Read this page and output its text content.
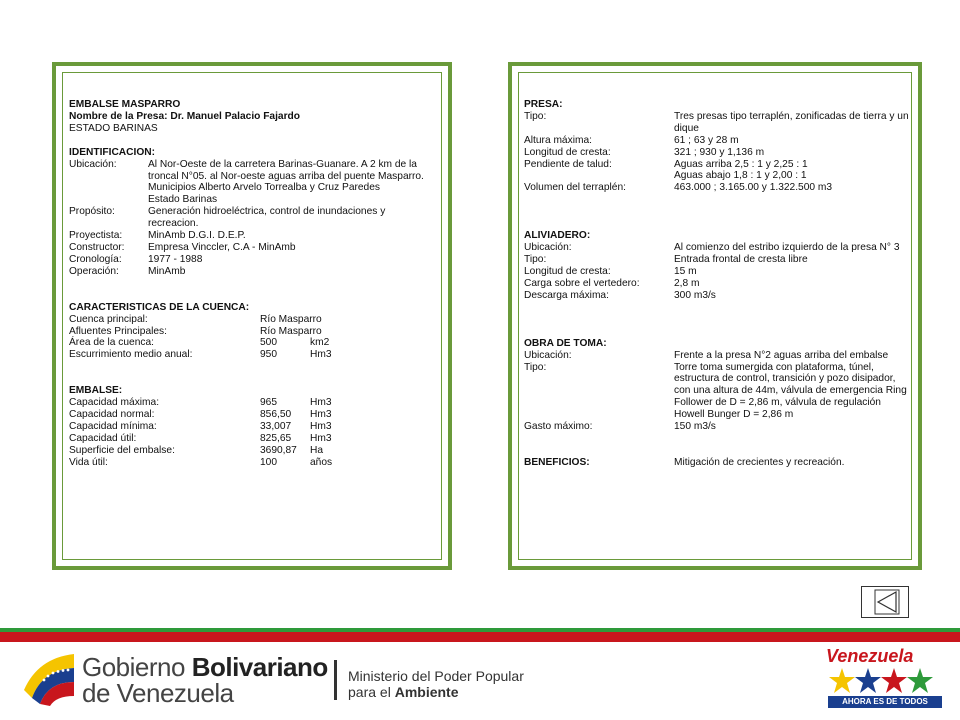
EMBALSE MASPARRO
Nombre de la Presa: Dr. Manuel Palacio Fajardo
ESTADO BARINAS
IDENTIFICACION:
Ubicación:	Al Nor-Oeste de la carretera Barinas-Guanare. A 2 km de la troncal N°05. al Nor-oeste aguas arriba del puente Masparro. Municipios Alberto Arvelo Torrealba y Cruz Paredes
Estado Barinas
Propósito:	Generación hidroeléctrica, control de inundaciones y recreacion.
Proyectista:	MinAmb D.G.I. D.E.P.
Constructor:	Empresa Vinccler, C.A - MinAmb
Cronología:	1977 - 1988
Operación:	MinAmb
CARACTERISTICAS DE LA CUENCA:
Cuenca principal:	Río Masparro
Afluentes Principales:	Río Masparro
Área de la cuenca:	500	km2
Escurrimiento medio anual:	950	Hm3
EMBALSE:
Capacidad máxima:	965	Hm3
Capacidad normal:	856,50	Hm3
Capacidad mínima:	33,007	Hm3
Capacidad útil:	825,65	Hm3
Superficie del embalse:	3690,87	Ha
Vida útil:	100	años
PRESA:
Tipo:	Tres presas tipo terraplén, zonificadas de tierra y un dique
Altura máxima:	61 ; 63 y 28 m
Longitud de cresta:	321 ; 930 y 1,136 m
Pendiente de talud:	Aguas arriba 2,5 : 1 y 2,25 : 1
Aguas abajo 1,8 : 1 y 2,00 : 1
Volumen del terraplén:	463.000 ; 3.165.00 y 1.322.500 m3
ALIVIADERO:
Ubicación:	Al comienzo del estribo izquierdo de la presa N° 3
Tipo:	Entrada frontal de cresta libre
Longitud de cresta:	15 m
Carga sobre el vertedero:	2,8 m
Descarga máxima:	300 m3/s
OBRA DE TOMA:
Ubicación:	Frente a la presa N°2 aguas arriba del embalse
Tipo:	Torre toma sumergida con plataforma, túnel, estructura de control, transición y pozo disipador, con una altura de 44m, válvula de emergencia Ring Follower de D = 2,86 m, válvula de regulación Howell Bunger D = 2,86 m
Gasto máximo:	150 m3/s
BENEFICIOS:	Mitigación de crecientes y recreación.
Gobierno Bolivariano
de Venezuela
Ministerio del Poder Popular
para el Ambiente
Venezuela
AHORA ES DE TODOS
